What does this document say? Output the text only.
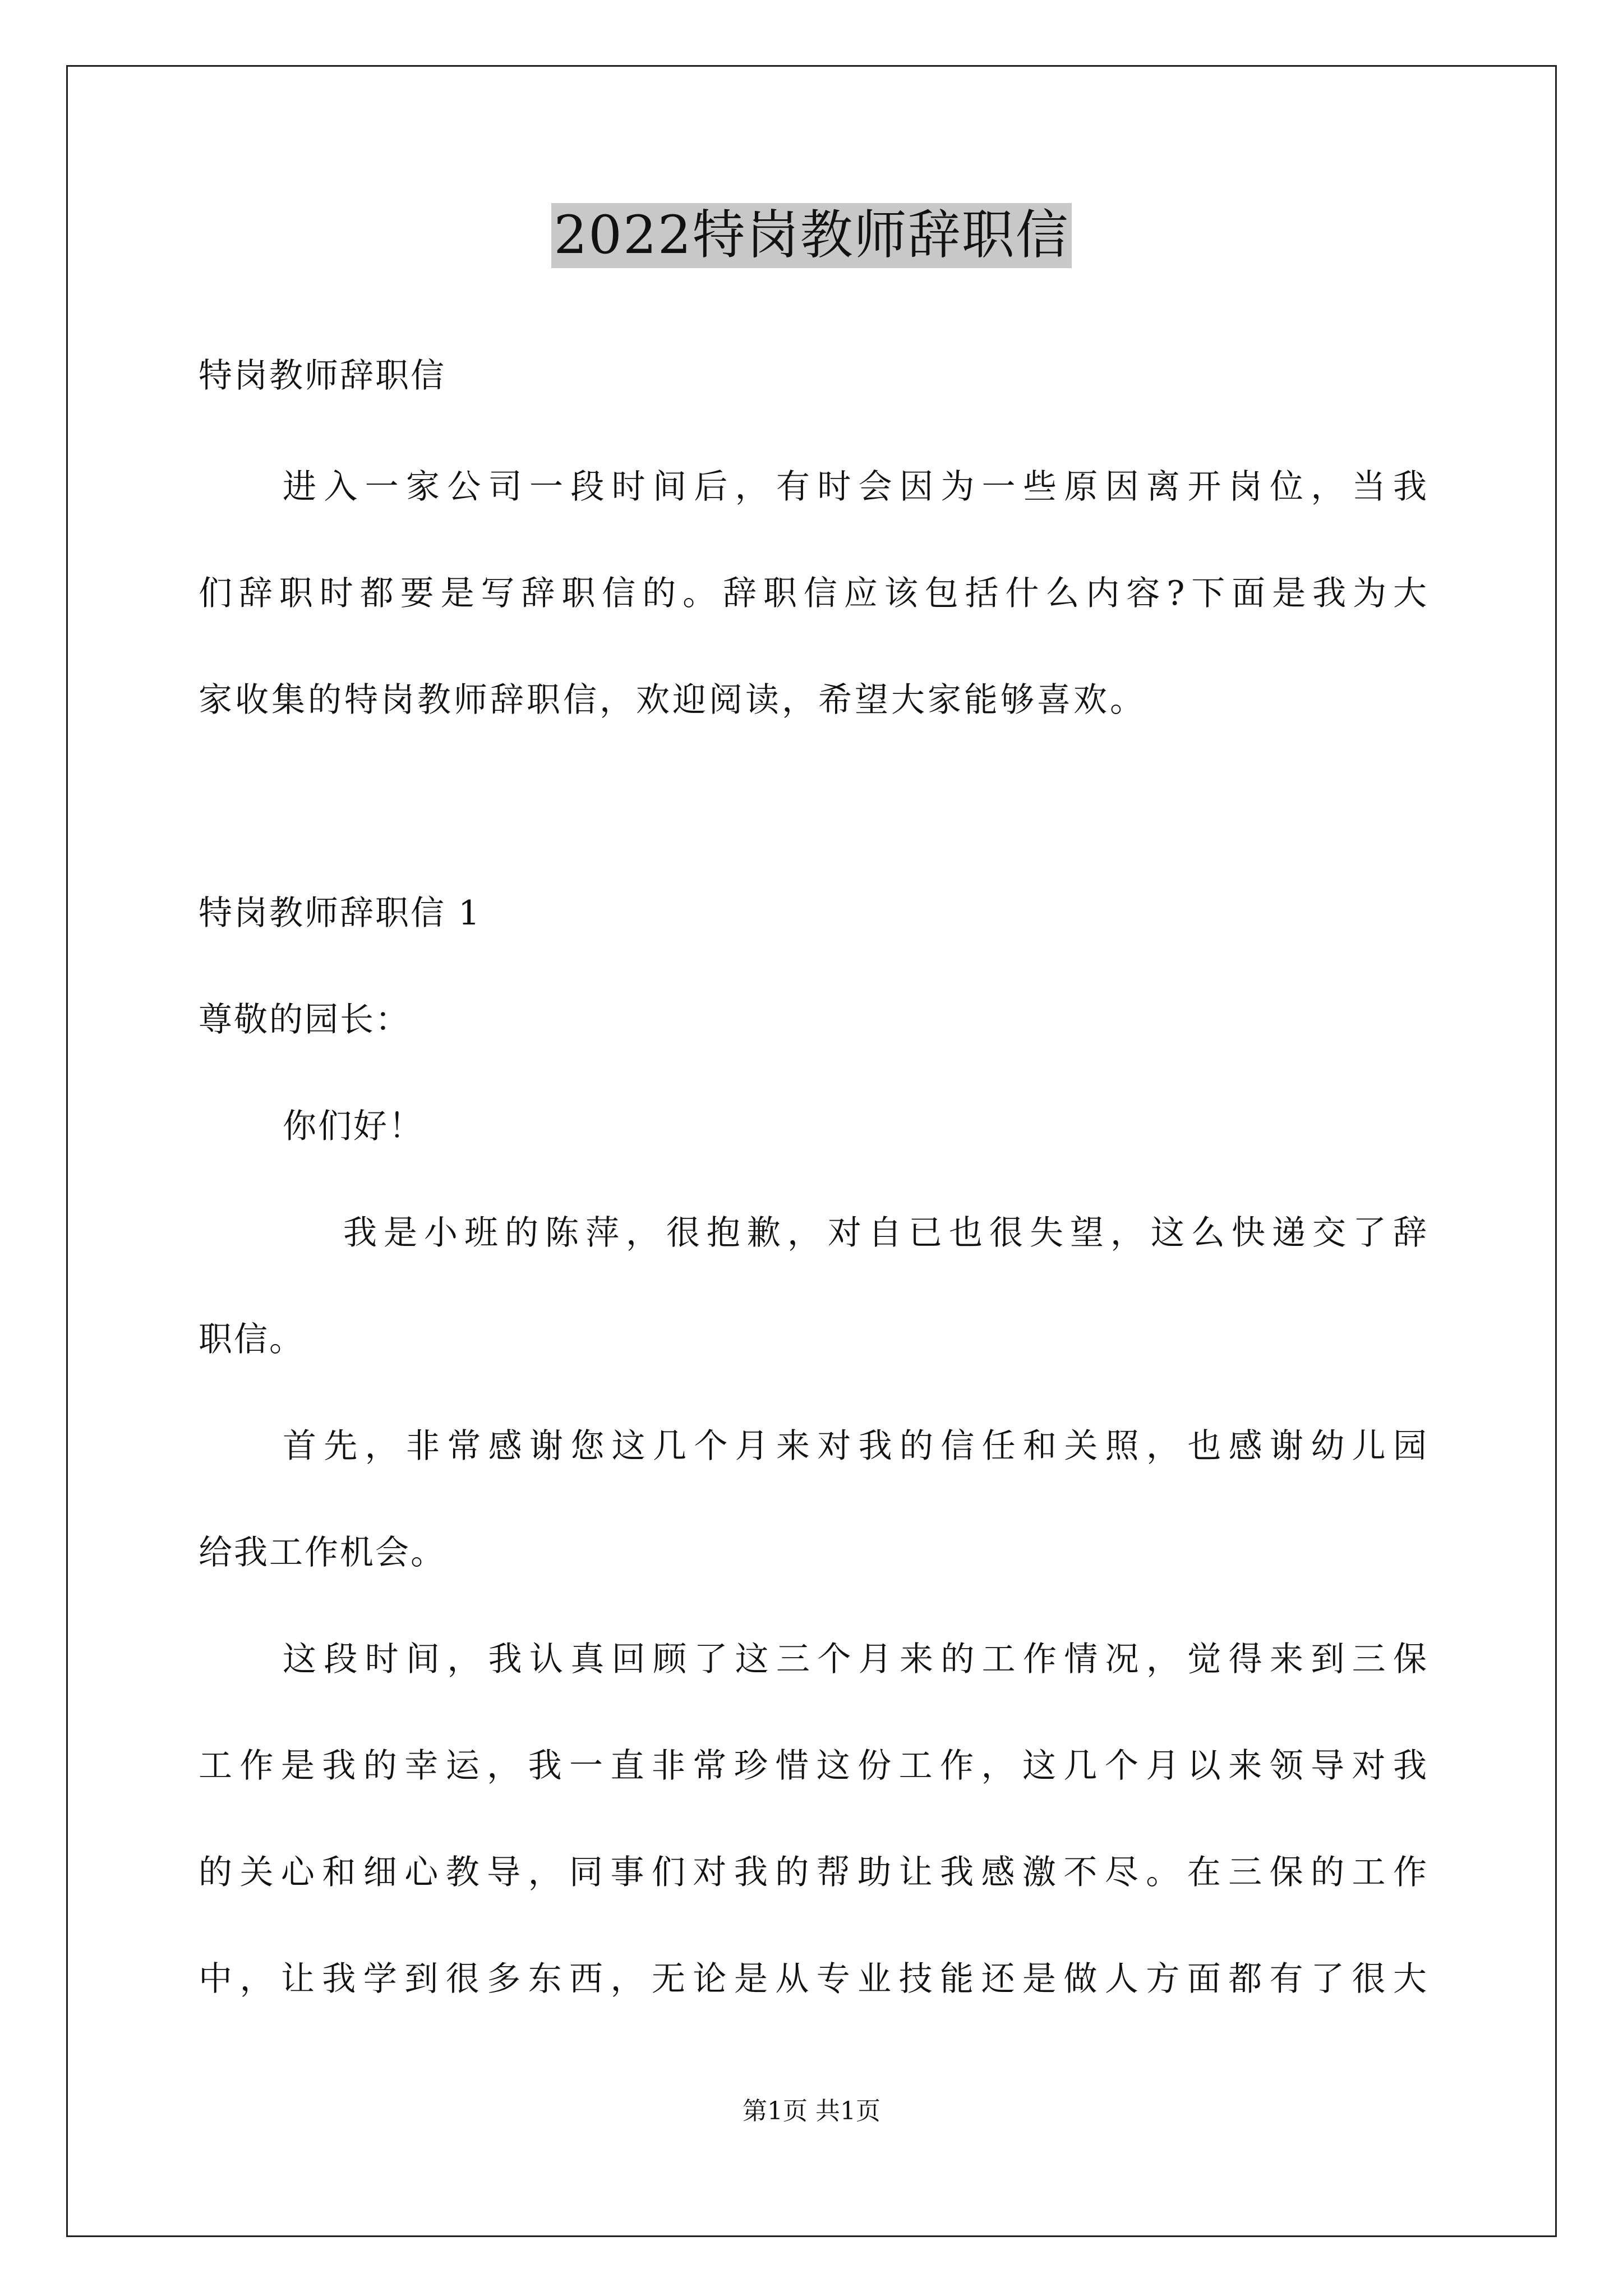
2022特岗教师辞职信
特岗教师辞职信
进入一家公司一段时间后，有时会因为一些原因离开岗位，当我
们辞职时都要是写辞职信的。辞职信应该包括什么内容?下面是我为大
家收集的特岗教师辞职信，欢迎阅读，希望大家能够喜欢。
特岗教师辞职信 1
尊敬的园长：
你们好！
我是小班的陈萍，很抱歉，对自已也很失望，这么快递交了辞
职信。
首先，非常感谢您这几个月来对我的信任和关照，也感谢幼儿园
给我工作机会。
这段时间，我认真回顾了这三个月来的工作情况，觉得来到三保
工作是我的幸运，我一直非常珍惜这份工作，这几个月以来领导对我
的关心和细心教导，同事们对我的帮助让我感激不尽。在三保的工作
中，让我学到很多东西，无论是从专业技能还是做人方面都有了很大
第1页 共1页
